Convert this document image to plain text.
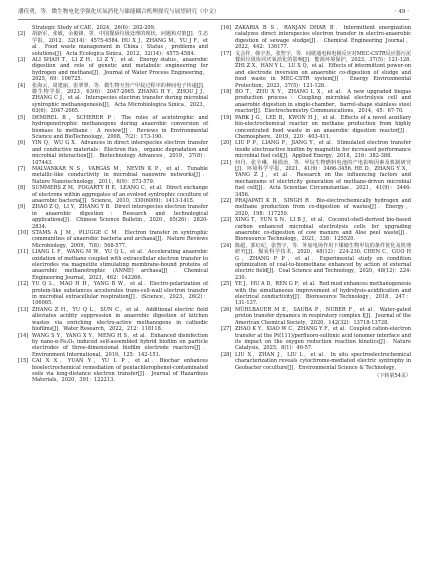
潘佳勇，等．微生物电化学强化厌氧消化与储能耦合机理探究与展望研究（中文）	· 49 ·

Strategic Study of CAE，2024，26(6)：202-209.

[2] 胡新军，张敏，余俊锋，等．中国餐厨垃圾处理的现状、问题和对策[J]．生态学报，2012，32(14)：4575-4584. HU X J，ZHANG M，YU J F，et al．Food waste management in China：Status，problems and solutions[J]．Acta Ecologica Sinica，2012，32(14)：4575-4584.

[3] ALI SHAH T，LI Z H，LI Z Y，et al．Energy status，anaerobic digestion and role of genetic and metabolic engineering for hydrogen and methane[J]．Journal of Water Process Engineering，2025，69：106725.

[4] 张海云，周建丽，张翠翠，等．微生物互营产甲烷过程中的种间电子传递[J]．微生物学报，2023，63(6)：2047-2065. ZHANG H Y，ZHOU J J，ZHANG C J，et al．Interspecies electron transfer during microbial syntrophic methanogenesis[J]．Acta Microbiologica Sinica，2023，63(6)：2047-2065.

[5] DEMIREL B，SCHERER P．The roles of acetotrophic and hydrogenotrophic methanogens during anaerobic conversion of biomass to methane：A review[J]．Reviews in Environmental Science and BioTechnology，2008，7(2)：173-190.

[6] YIN Q，WU G X．Advances in direct interspecies electron transfer and conductive materials：Electron flux，organic degradation and microbial interaction[J]．Biotechnology Advances，2019，37(8)：107443.

[7] MALVANKAR N S，VARGAS M，NEVIN K P，et al．Tunable metallic-like conductivity in microbial nanowire networks[J]．Nature Nanotechnology，2011，6(9)：573-579.

[8] SUMMERS Z M，FOGARTY H E，LEANG C，et al．Direct exchange of electrons within aggregates of an evolved syntrophic coculture of anaerobic bacteria[J]．Science，2010，330(6009)：1413-1415.

[9] ZHAO Z Q，LI Y，ZHANG Y B．Direct interspecies electron transfer in anaerobic digestion：Research and technological applications[J]．Chinese Science Bulletin，2020，65(26)：2820-2834.

[10] STAMS A J M，PLUGGE C M．Electron transfer in syntrophic communities of anaerobic bacteria and archaea[J]．Nature Reviews Microbiology，2009，7(8)：568-577.

[11] LIANG L F，WANG M W，YU Q L，et al．Accelerating anaerobic oxidation of methane coupled with extracellular electron transfer to electrodes via magnetite stimulating membrane-bound proteins of anaerobic methanotrophic (ANME) archaea[J]．Chemical Engineering Journal，2023，462：142266.

[12] YU Q L，MAO H H，YANG B W，et al．Electro-polarization of protein-like substances accelerates trans-cell-wall electron transfer in microbial extracellular respiration[J]．iScience，2023，26(2)：106065.

[13] ZHANG Z H，YU Q L，SUN C，et al．Additional electric field alleviates acidity suppression in anaerobic digestion of kitchen wastes via enriching electro-active methanogens in cathodic biofilms[J]．Water Research，2022，212：118118.

[14] WANG S Y，YANG X Y，MENG H S，et al．Enhanced disinfection by nano-α-Fe₂O₃ induced self-assembled hybrid biofilm on particle electrodes of three-dimensional biofilm electrode reactors[J]．Environment International，2019，125：142-151.

[15] CAI X X，YUAN Y，YU L P，et al．Biochar enhances bioelectrochemical remediation of pentachlorophenol-contaminated soils via long-distance electron transfer[J]．Journal of Hazardous Materials，2020，391：122213.

[16] ZAKARIA B S，RANJAN DHAR B．Intermittent energization catalyzes direct interspecies electron transfer in electro-anaerobic digestion of sewage sludge[J]．Chemical Engineering Journal，2022，442：136177.

[17] 戈会祥，韩宇杰，张智宇，等．间歇通电和电极反应对MEC-CSTR反应器污泥餐厨垃圾协同厌氧消化的影响[J]．能源环境保护，2023，37(5)：121-128. ZHI Z X，HAN Y L，LU X Q，et al．Effects of intermittent power-on and electrode inversion on anaerobic co-digestion of sludge and food waste in MEC-CSTR system[J]．Energy Environmental Protection，2023，37(5)：121-128.

[18] BO T，ZHU X Y，ZHANG L X，et al．A new upgraded biogas production process：Coupling microbial electrolysis cell and anaerobic digestion in single-chamber，barrel-shape stainless steel reactor[J]．Electrochemistry Communications，2014，45：67-70.

[19] PARK J G，LEE B，KWON H J，et al．Effects of a novel auxiliary bio-electrochemical reactor on methane production from highly concentrated food waste in an anaerobic digestion reactor[J]．Chemosphere，2019，220：403-411.

[20] LIU P P，LIANG P，JIANG Y，et al．Stimulated electron transfer inside electroactive biofilm by magnetite for increased performance microbial fuel cell[J]．Applied Energy，2018，216：382-388.

[21] 何丹，张全琳，杨损治，等．甲烷生物燃料电池的产电影响因素及机制研究[J]．环境科学学报，2021，41(9)：3466-3456. HE D，ZHANG Y X，YANG Z J，et al．Research on the influencing factors and mechanisms of electricity generation of methane-driven microbial fuel cell[J]．Acta Scientiae Circumstantiae，2021，41(9)：3446-3456.

[22] PRAJAPATI K B，SINGH R．Bio-electrochemically hydrogen and methane production from co-digestion of wastes[J]．Energy，2020，198：117259.

[23] XING T，YUN S N，LI B J，et al．Coconut-shell-derived bio-based carbon enhanced microbial electrolysis cells for upgrading anaerobic co-digestion of cow manure and Aloe peel waste[J]．Bioresource Technology，2021，338：125520.

[24] 陈超，郭红纪，张智宇，等．外加电场作用下煤储生物甲烷的条件优化及机理研究[J]．煤炭科学技术，2020，48(12)：224-230. CHEN C，GUO H G，ZHANG P P，et al．Experimental study on condition optimization of coal-to-biomethane enhanced by action of external electric field[J]．Coal Science and Technology，2020，48(12)：224-230.

[25] YE J，HU A D，REN G P，et al．Red mud enhances methanogenesis with the simultaneous improvement of hydrolysis-acidification and electrical conductivity[J]．Bioresource Technology，2018，247：131-137.

[26] MÜHLBAUER M E，SAUBA P，NUBER F，et al．Water-gated proton transfer dynamics in respiratory complex I[J]．Journal of the American Chemical Society，2020，142(32)：13718-13728.

[27] ZHAO K Y，XIAO W C，ZHANG Y F，et al．Coupled cation-electron transfer at the Pt(111)/perfluoro-sulfonic acid ionomer interface and its impact on the oxygen reduction reaction kinetics[J]．Nature Catalysis，2025，8(1)：46-57.

[28] LIU X，ZHAN J，LIU L，et al．In situ spectroelectrochemical characterization reveals cytochrome-mediated electric syntrophy in Geobacter coculture[J]．Environmental Science & Technology，

（下转第54页）
